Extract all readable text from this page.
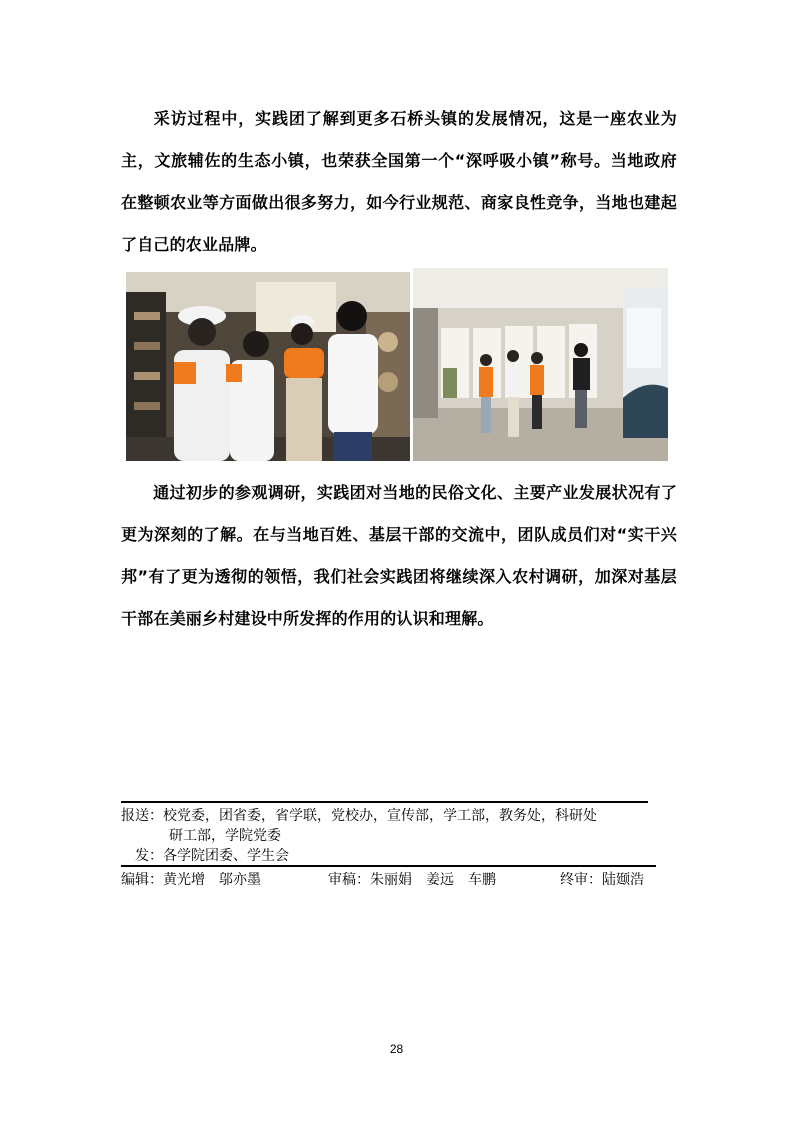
采访过程中，实践团了解到更多石桥头镇的发展情况，这是一座农业为主，文旅辅佐的生态小镇，也荣获全国第一个“深呼吸小镇”称号。当地政府在整顿农业等方面做出很多努力，如今行业规范、商家良性竞争，当地也建起了自己的农业品牌。

通过初步的参观调研，实践团对当地的民俗文化、主要产业发展状况有了更为深刻的了解。在与当地百姓、基层干部的交流中，团队成员们对“实干兴邦”有了更为透彻的领悟，我们社会实践团将继续深入农村调研，加深对基层干部在美丽乡村建设中所发挥的作用的认识和理解。

报送：校党委，团省委，省学联，党校办，宣传部，学工部，教务处，科研处
研工部，学院党委
发：各学院团委、学生会
编辑：黄光增　邬亦墨	审稿：朱丽娟　姜远　车鹏	终审：陆颋浩
28
